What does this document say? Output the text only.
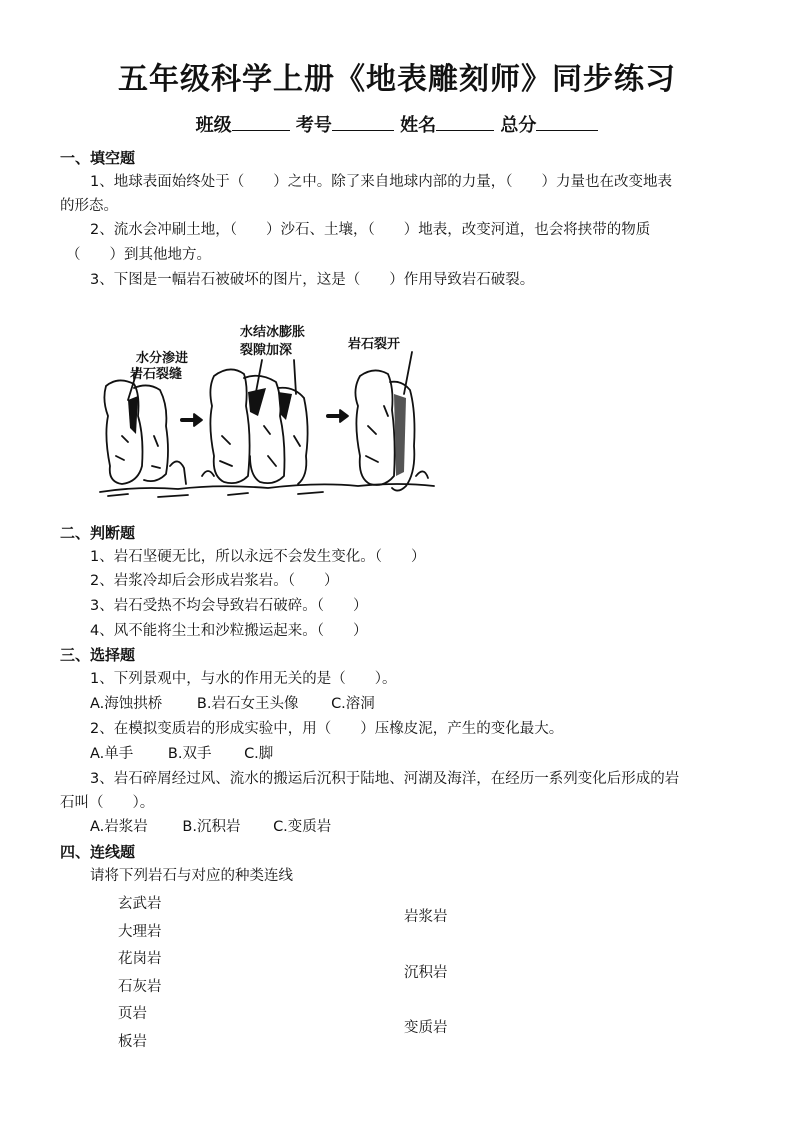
五年级科学上册《地表雕刻师》同步练习
班级	考号	姓名	总分
一、填空题
1、地球表面始终处于（　　）之中。除了来自地球内部的力量，（　　）力量也在改变地表
的形态。
2、流水会冲刷土地，（　　）沙石、土壤，（　　）地表，改变河道，也会将挟带的物质
（　　）到其他地方。
3、下图是一幅岩石被破坏的图片，这是（　　）作用导致岩石破裂。
水分渗进
岩石裂缝
水结冰膨胀
裂隙加深	岩石裂开
二、判断题
1、岩石坚硬无比，所以永远不会发生变化。（　　）
2、岩浆冷却后会形成岩浆岩。（　　）
3、岩石受热不均会导致岩石破碎。（　　）
4、风不能将尘土和沙粒搬运起来。（　　）
三、选择题
1、下列景观中，与水的作用无关的是（　　）。
A.海蚀拱桥 B.岩石女王头像 C.溶洞
2、在模拟变质岩的形成实验中，用（　　）压橡皮泥，产生的变化最大。
A.单手 B.双手 C.脚
3、岩石碎屑经过风、流水的搬运后沉积于陆地、河湖及海洋，在经历一系列变化后形成的岩
石叫（　　）。
A.岩浆岩 B.沉积岩 C.变质岩
四、连线题
请将下列岩石与对应的种类连线
玄武岩
大理岩
花岗岩
石灰岩
页岩
板岩
岩浆岩
沉积岩
变质岩
